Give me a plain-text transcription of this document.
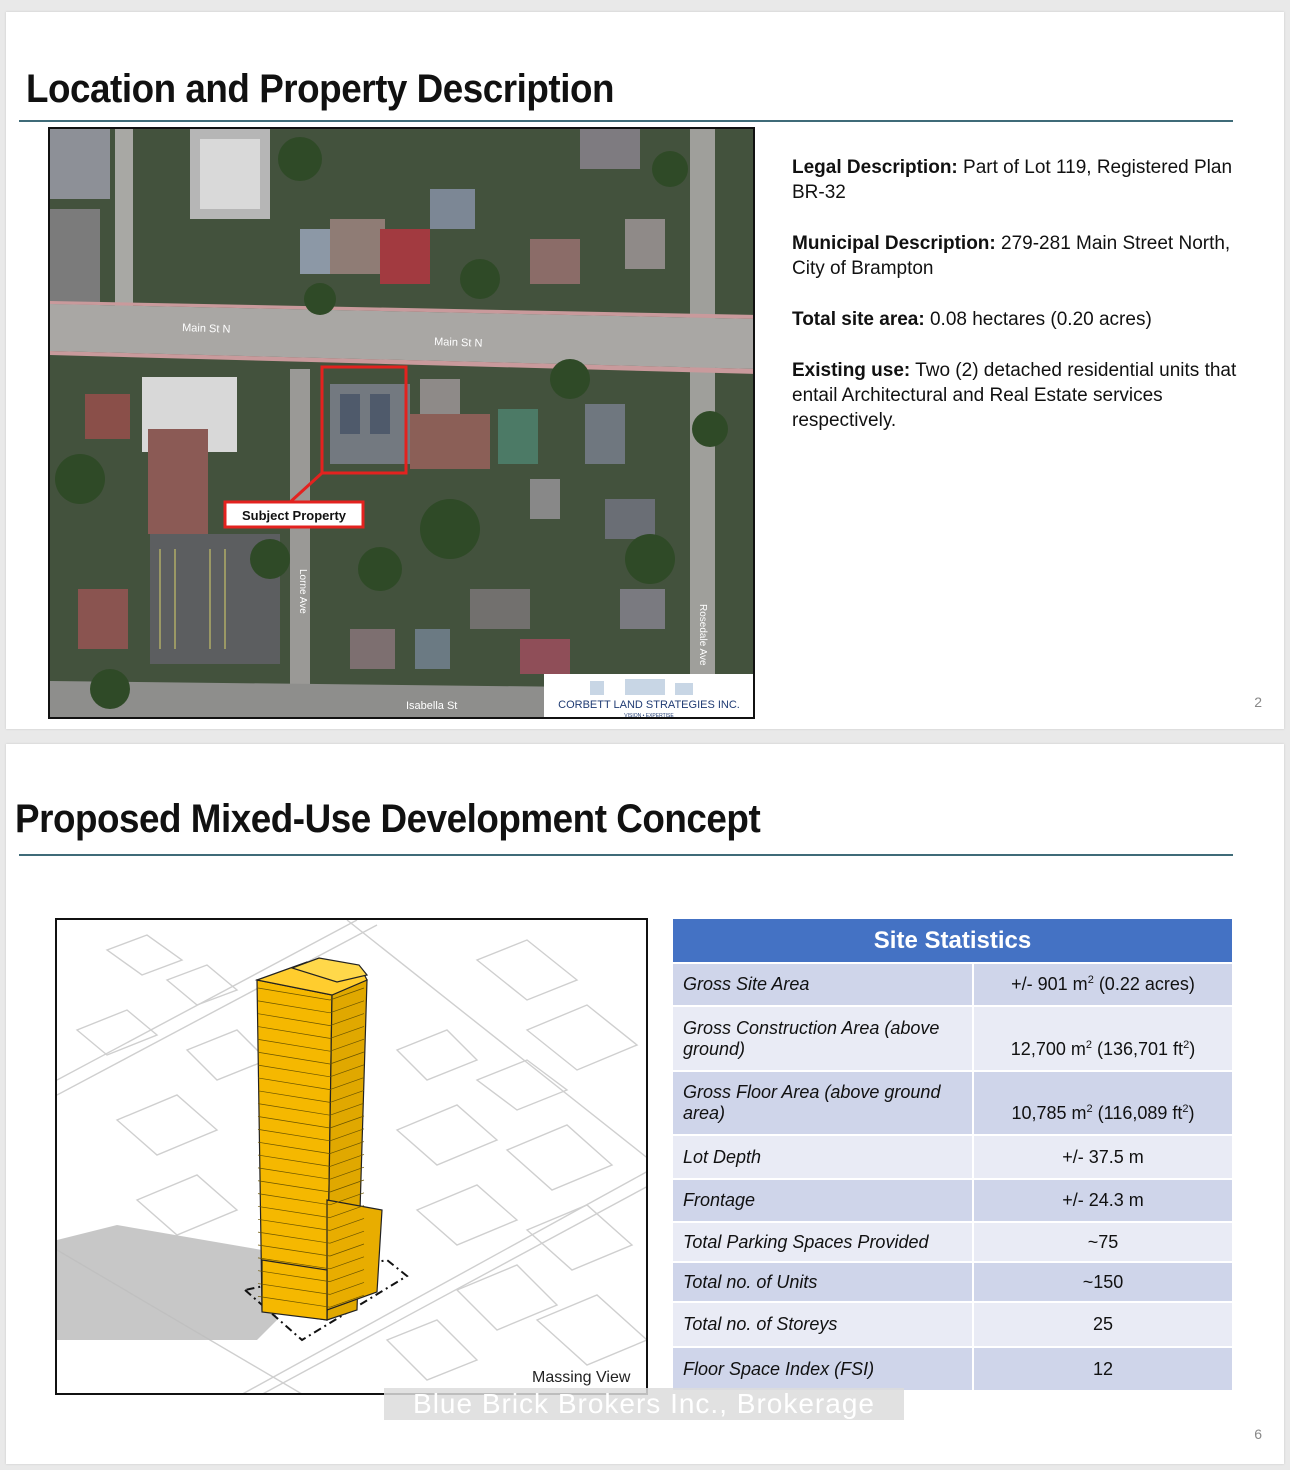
Location and Property Description
Main St N
Main St N
Subject Property
Lorne Ave
Rosedale Ave
Isabella St	CORBETT LAND STRATEGIES INC.
VISION • EXPERTISE

Legal Description: Part of Lot 119, Registered Plan BR-32

Municipal Description: 279-281 Main Street North, City of Brampton

Total site area: 0.08 hectares (0.20 acres)

Existing use: Two (2) detached residential units that entail Architectural and Real Estate services respectively.

2
Proposed Mixed-Use Development Concept
Massing View
Site Statistics	
Gross Site Area	+/- 901 $m^2$ (0.22 acres)
Gross Construction Area (above ground)	12,700 $m^2$ (136,701 $ft^2$)
Gross Floor Area (above ground area)	10,785 $m^2$ (116,089 $ft^2$)
Lot Depth	+/- 37.5 m
Frontage	+/- 24.3 m
Total Parking Spaces Provided	~75
Total no. of Units	~150
Total no. of Storeys	25
Floor Space Index (FSI)	12
6
Blue Brick Brokers Inc., Brokerage
